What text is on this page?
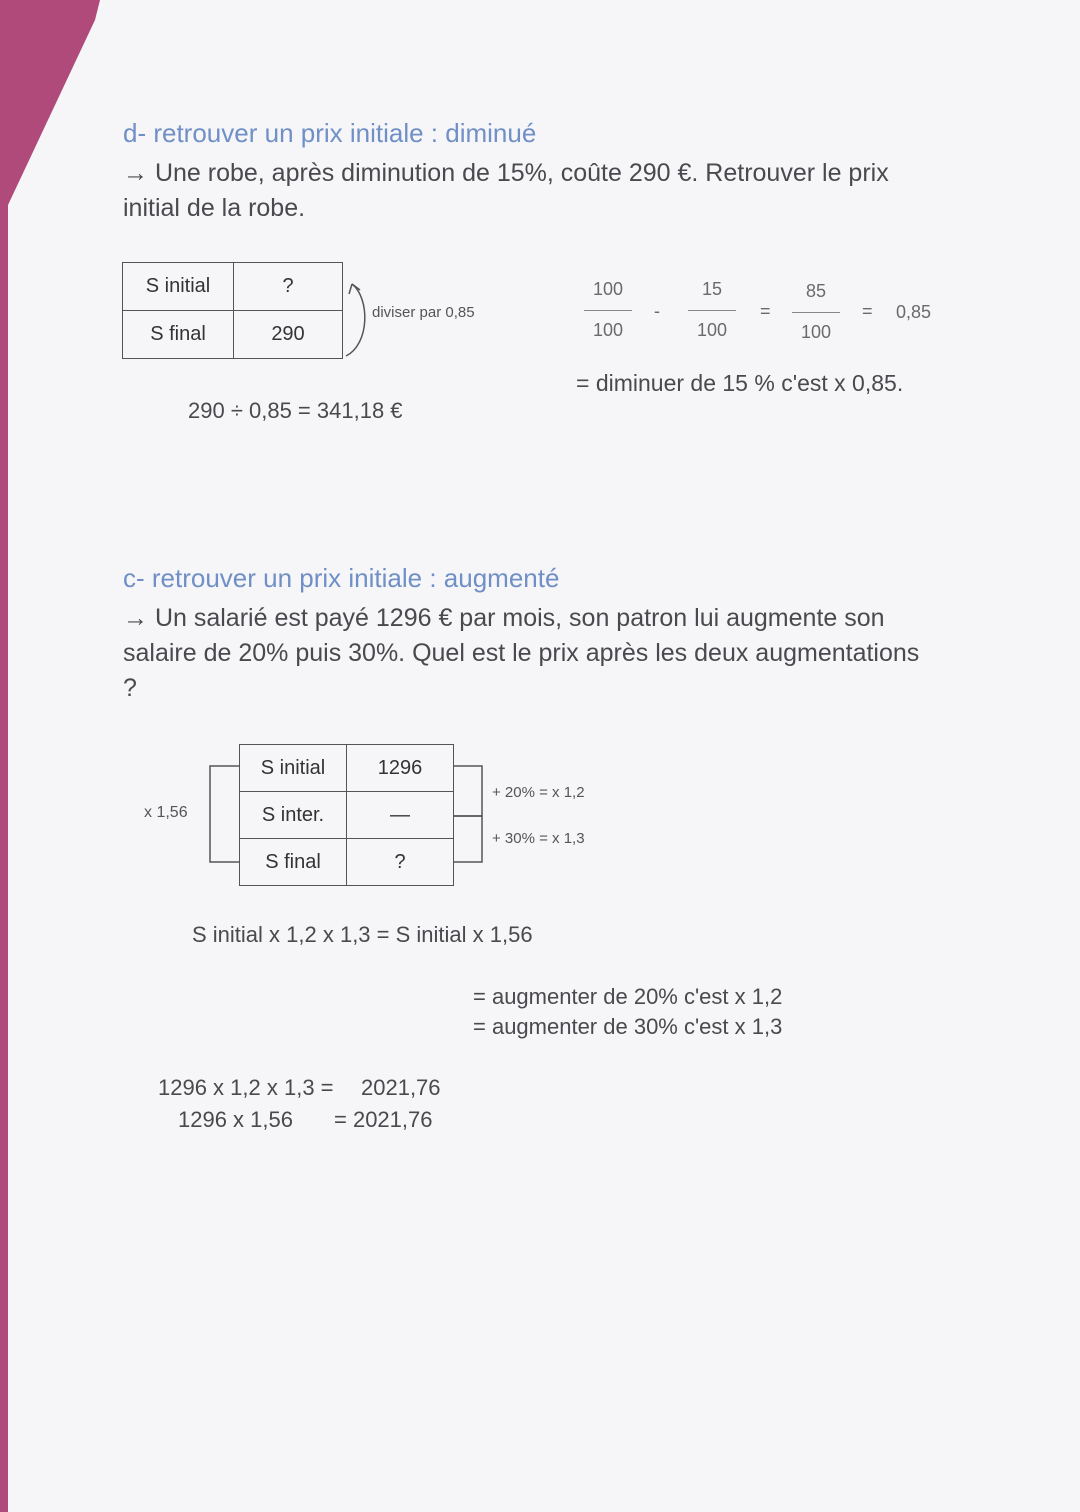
d- retrouver un prix initiale : diminué
→ Une robe, après diminution de 15%, coûte 290 €. Retrouver le prix initial de la robe.
S initial	?
S final	290
diviser par 0,85
100
100
-
15
100
=
85
100
= 0,85
= diminuer de 15 % c'est x 0,85.
290 ÷ 0,85 = 341,18 €
c- retrouver un prix initiale : augmenté
→ Un salarié est payé 1296 € par mois, son patron lui augmente son salaire de 20% puis 30%. Quel est le prix après les deux augmentations ?
x 1,56
S initial	1296
S inter.	—
S final	?
+ 20% = x 1,2
+ 30% = x 1,3
S initial x 1,2 x 1,3 = S initial x 1,56
= augmenter de 20% c'est x 1,2
= augmenter de 30% c'est x 1,3
1296 x 1,2 x 1,3 = 2021,76
1296 x 1,56 = 2021,76
